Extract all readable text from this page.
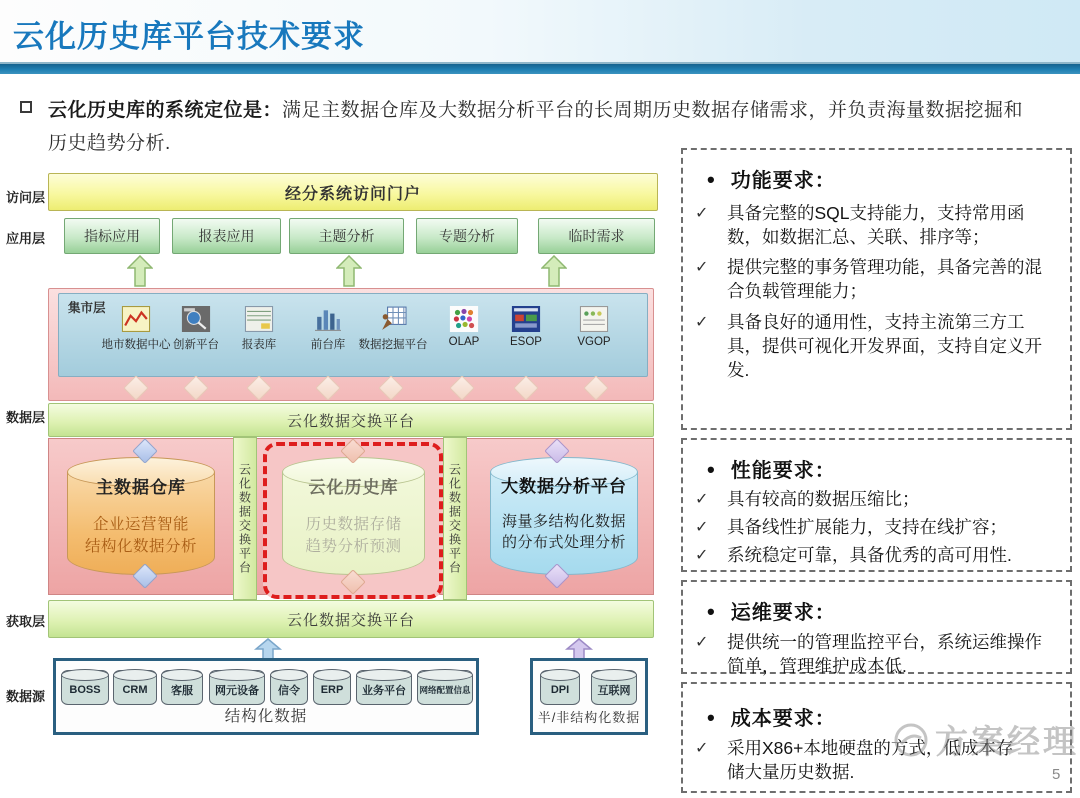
云化历史库平台技术要求
云化历史库的系统定位是：满足主数据仓库及大数据分析平台的长周期历史数据存储需求，并负责海量数据挖掘和历史趋势分析.
访问层
应用层
数据层
获取层
数据源
经分系统访问门户
指标应用	报表应用	主题分析	专题分析	临时需求
集市层
地市数据中心 创新平台	报表库	前台库	数据挖掘平台	OLAP	ESOP	VGOP
云化数据交换平台
云化数据交换平台	云化数据交换平台
主数据仓库
企业运营智能
结构化数据分析
云化历史库
历史数据存储
趋势分析预测
大数据分析平台
海量多结构化数据
的分布式处理分析
云化数据交换平台
BOSS CRM 客服 网元设备 信令 ERP 业务平台 网络配置信息
结构化数据
DPI	互联网
半/非结构化数据
• 功能要求：
✓	具备完整的SQL支持能力，支持常用函数，如数据汇总、关联、排序等；
✓	提供完整的事务管理功能，具备完善的混合负载管理能力；
✓	具备良好的通用性，支持主流第三方工具，提供可视化开发界面，支持自定义开发.
• 性能要求：
✓	具有较高的数据压缩比；
✓	具备线性扩展能力，支持在线扩容；
✓	系统稳定可靠，具备优秀的高可用性.
• 运维要求：
✓	提供统一的管理监控平台，系统运维操作简单，管理维护成本低.
• 成本要求：
✓	采用X86+本地硬盘的方式，低成本存储大量历史数据.
方案经理
5
